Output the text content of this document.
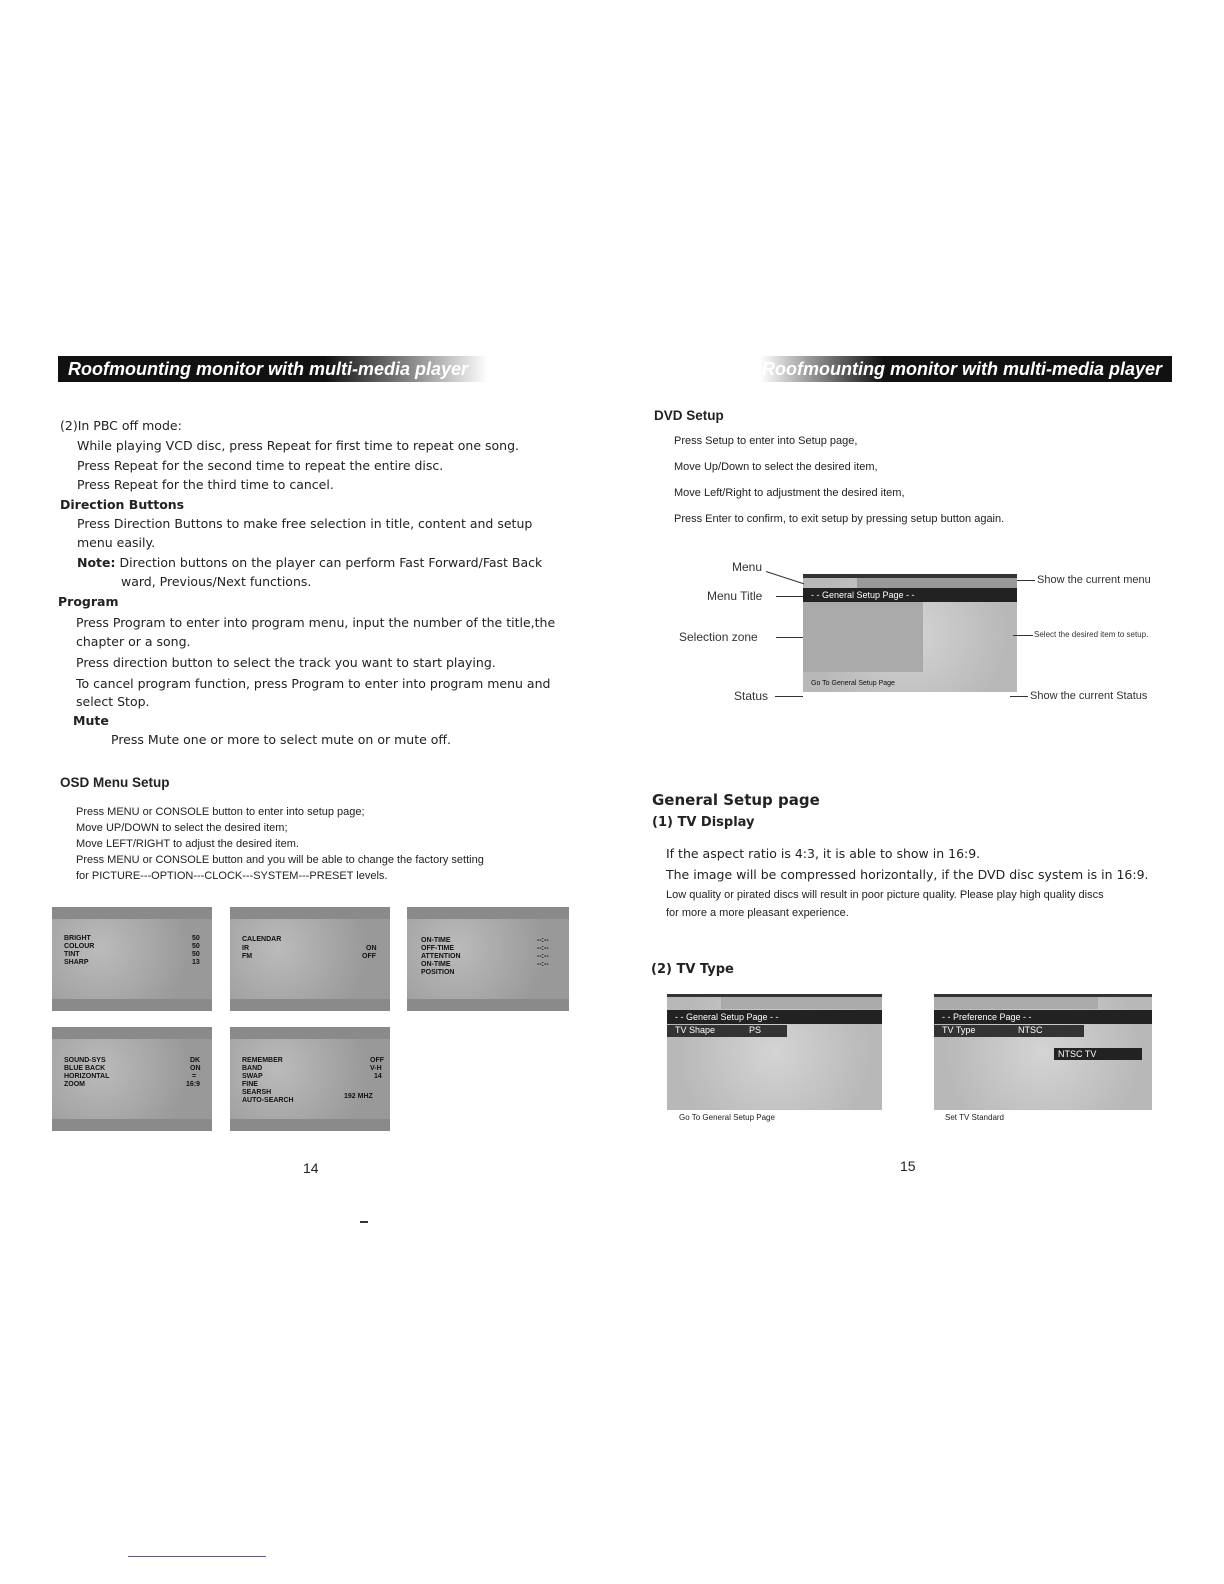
Roofmounting monitor with multi-media player
(2)In PBC off mode:
While playing VCD disc, press Repeat for first time to repeat one song.
Press Repeat for the second time to repeat the entire disc.
Press Repeat for the third time to cancel.
Direction Buttons
Press Direction Buttons to make free selection in title, content and setup
menu easily.
Note: Direction buttons on the player can perform Fast Forward/Fast Back
ward, Previous/Next functions.
Program
Press Program to enter into program menu, input the number of the title,the
chapter or a song.
Press direction button to select the track you want to start playing.
To cancel program function, press Program to enter into program menu and
select Stop.
Mute
Press Mute one or more to select mute on or mute off.
OSD Menu Setup
Press MENU or CONSOLE button to enter into setup page;
Move UP/DOWN to select the desired item;
Move LEFT/RIGHT to adjust the desired item.
Press MENU or CONSOLE button and you will be able to change the factory setting
for PICTURE---OPTION---CLOCK---SYSTEM---PRESET levels.
BRIGHT
COLOUR
TINT
SHARP
50
50
50
13
CALENDAR
IR
FM
ON
OFF
ON-TIME
OFF-TIME
ATTENTION
ON-TIME
POSITION
--:--
--:--
--:--
--:--
SOUND-SYS
BLUE BACK
HORIZONTAL
ZOOM
DK
ON
=
16:9
REMEMBER
BAND
SWAP
FINE
SEARSH
AUTO-SEARCH
OFF
V-H
14
192 MHZ
14
Roofmounting monitor with multi-media player
DVD Setup
Press Setup to enter into Setup page,
Move Up/Down to select the desired item,
Move Left/Right to adjustment the desired item,
Press Enter to confirm, to exit setup by pressing setup button again.
- - General Setup Page - -
Go To General Setup Page
Menu
Menu Title
Selection zone
Status
Show the current menu
Select the desired item to setup.
Show the current Status
General Setup page
(1) TV Display
If the aspect ratio is 4:3, it is able to show in 16:9.
The image will be compressed horizontally, if the DVD disc system is in 16:9.
Low quality or pirated discs will result in poor picture quality. Please play high quality discs
for more a more pleasant experience.
(2) TV Type
- - General Setup Page - -
TV Shape	PS
Go To General Setup Page
- - Preference Page - -
TV Type	NTSC
NTSC TV
Set TV Standard
15
